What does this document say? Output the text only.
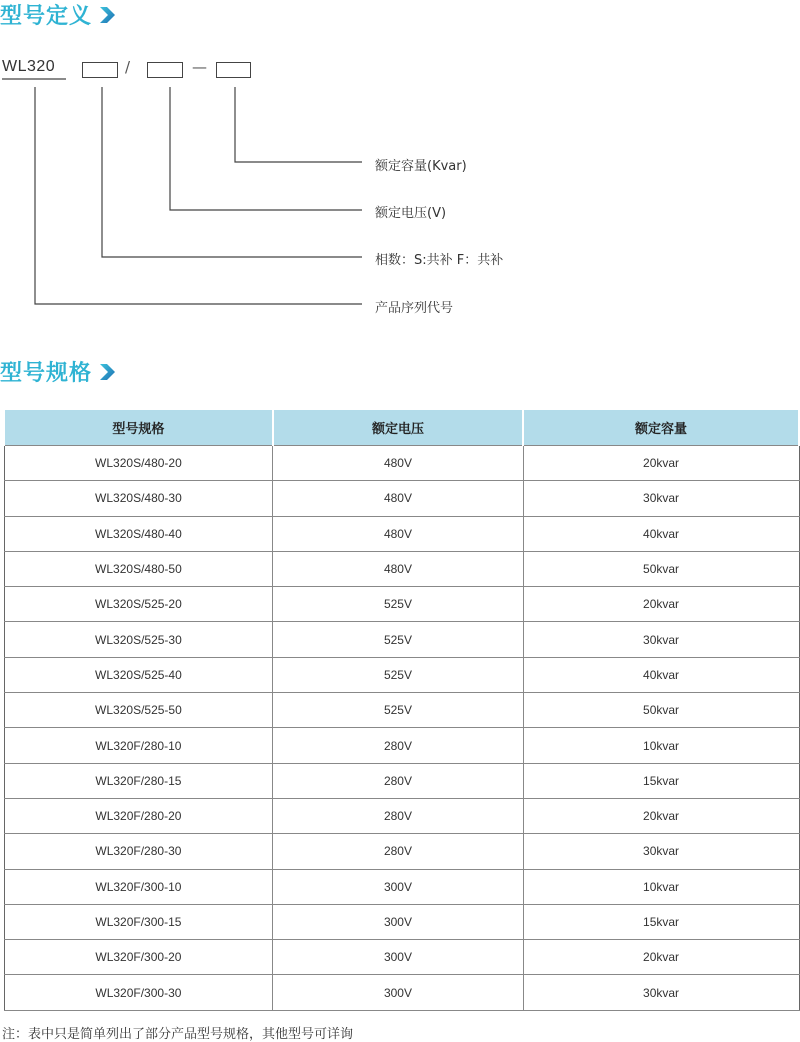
型号定义
WL320	/	—
额定容量(Kvar)
额定电压(V)
相数：S:共补 F：共补
产品序列代号
型号规格
型号规格	额定电压	额定容量
WL320S/480-20	480V	20kvar
WL320S/480-30	480V	30kvar
WL320S/480-40	480V	40kvar
WL320S/480-50	480V	50kvar
WL320S/525-20	525V	20kvar
WL320S/525-30	525V	30kvar
WL320S/525-40	525V	40kvar
WL320S/525-50	525V	50kvar
WL320F/280-10	280V	10kvar
WL320F/280-15	280V	15kvar
WL320F/280-20	280V	20kvar
WL320F/280-30	280V	30kvar
WL320F/300-10	300V	10kvar
WL320F/300-15	300V	15kvar
WL320F/300-20	300V	20kvar
WL320F/300-30	300V	30kvar
注：表中只是简单列出了部分产品型号规格，其他型号可详询
